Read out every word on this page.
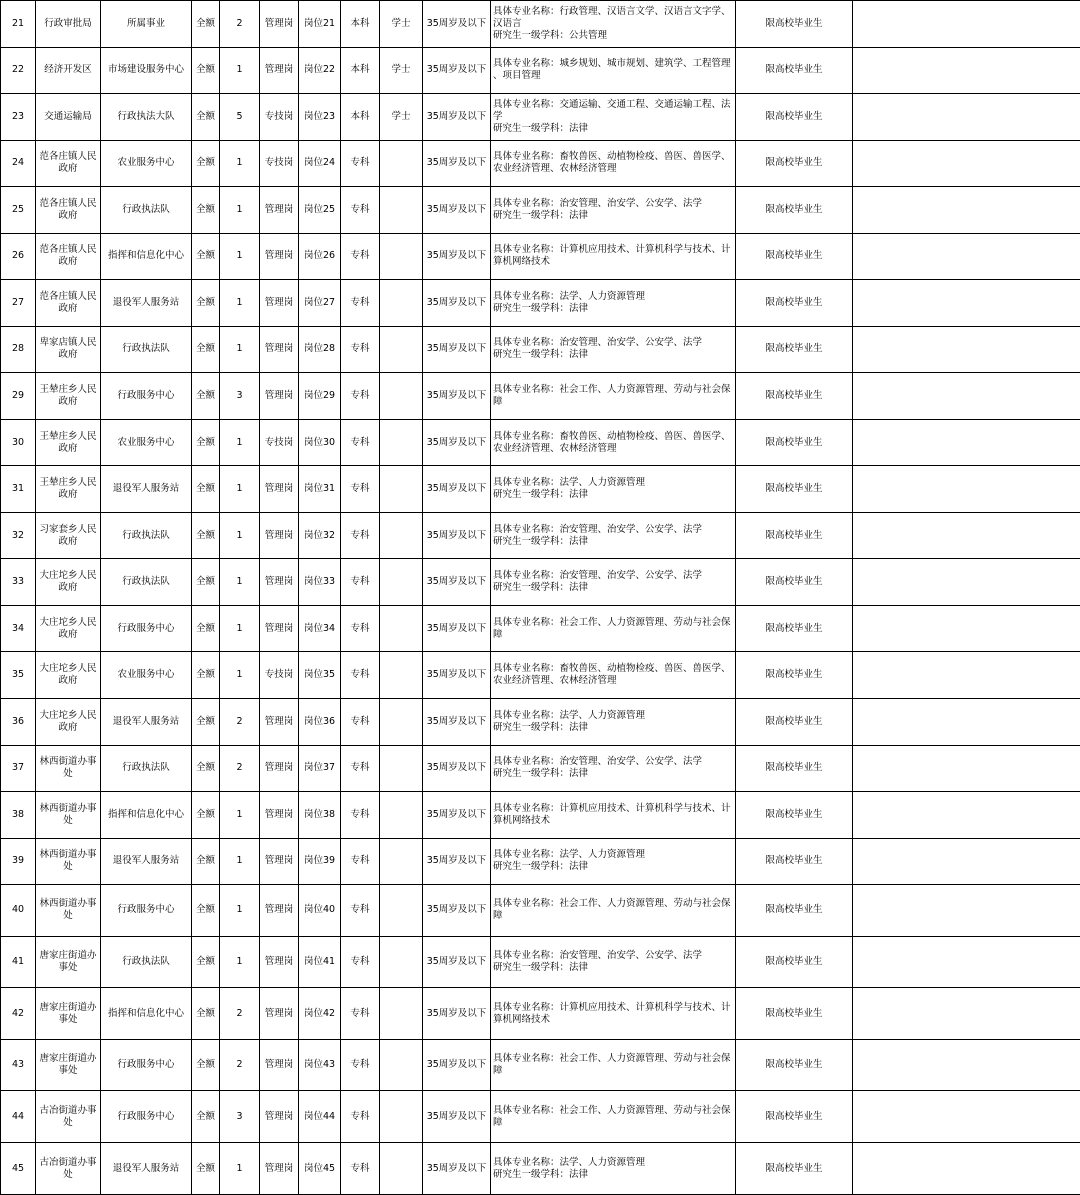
21	行政审批局	所属事业	全额	2	管理岗	岗位21	本科	学士	35周岁及以下	具体专业名称：行政管理、汉语言文学、汉语言文字学、
汉语言
研究生一级学科：公共管理	限高校毕业生	
22	经济开发区	市场建设服务中心	全额	1	管理岗	岗位22	本科	学士	35周岁及以下	具体专业名称：城乡规划、城市规划、建筑学、工程管理
、项目管理	限高校毕业生	
23	交通运输局	行政执法大队	全额	5	专技岗	岗位23	本科	学士	35周岁及以下	具体专业名称：交通运输、交通工程、交通运输工程、法
学
研究生一级学科：法律	限高校毕业生	
24	范各庄镇人民政府	农业服务中心	全额	1	专技岗	岗位24	专科		35周岁及以下	具体专业名称：畜牧兽医、动植物检疫、兽医、兽医学、
农业经济管理、农林经济管理	限高校毕业生	
25	范各庄镇人民政府	行政执法队	全额	1	管理岗	岗位25	专科		35周岁及以下	具体专业名称：治安管理、治安学、公安学、法学
研究生一级学科：法律	限高校毕业生	
26	范各庄镇人民政府	指挥和信息化中心	全额	1	管理岗	岗位26	专科		35周岁及以下	具体专业名称：计算机应用技术、计算机科学与技术、计
算机网络技术	限高校毕业生	
27	范各庄镇人民政府	退役军人服务站	全额	1	管理岗	岗位27	专科		35周岁及以下	具体专业名称：法学、人力资源管理
研究生一级学科：法律	限高校毕业生	
28	卑家店镇人民政府	行政执法队	全额	1	管理岗	岗位28	专科		35周岁及以下	具体专业名称：治安管理、治安学、公安学、法学
研究生一级学科：法律	限高校毕业生	
29	王辇庄乡人民政府	行政服务中心	全额	3	管理岗	岗位29	专科		35周岁及以下	具体专业名称：社会工作、人力资源管理、劳动与社会保
障	限高校毕业生	
30	王辇庄乡人民政府	农业服务中心	全额	1	专技岗	岗位30	专科		35周岁及以下	具体专业名称：畜牧兽医、动植物检疫、兽医、兽医学、
农业经济管理、农林经济管理	限高校毕业生	
31	王辇庄乡人民政府	退役军人服务站	全额	1	管理岗	岗位31	专科		35周岁及以下	具体专业名称：法学、人力资源管理
研究生一级学科：法律	限高校毕业生	
32	习家套乡人民政府	行政执法队	全额	1	管理岗	岗位32	专科		35周岁及以下	具体专业名称：治安管理、治安学、公安学、法学
研究生一级学科：法律	限高校毕业生	
33	大庄坨乡人民政府	行政执法队	全额	1	管理岗	岗位33	专科		35周岁及以下	具体专业名称：治安管理、治安学、公安学、法学
研究生一级学科：法律	限高校毕业生	
34	大庄坨乡人民政府	行政服务中心	全额	1	管理岗	岗位34	专科		35周岁及以下	具体专业名称：社会工作、人力资源管理、劳动与社会保
障	限高校毕业生	
35	大庄坨乡人民政府	农业服务中心	全额	1	专技岗	岗位35	专科		35周岁及以下	具体专业名称：畜牧兽医、动植物检疫、兽医、兽医学、
农业经济管理、农林经济管理	限高校毕业生	
36	大庄坨乡人民政府	退役军人服务站	全额	2	管理岗	岗位36	专科		35周岁及以下	具体专业名称：法学、人力资源管理
研究生一级学科：法律	限高校毕业生	
37	林西街道办事处	行政执法队	全额	2	管理岗	岗位37	专科		35周岁及以下	具体专业名称：治安管理、治安学、公安学、法学
研究生一级学科：法律	限高校毕业生	
38	林西街道办事处	指挥和信息化中心	全额	1	管理岗	岗位38	专科		35周岁及以下	具体专业名称：计算机应用技术、计算机科学与技术、计
算机网络技术	限高校毕业生	
39	林西街道办事处	退役军人服务站	全额	1	管理岗	岗位39	专科		35周岁及以下	具体专业名称：法学、人力资源管理
研究生一级学科：法律	限高校毕业生	
40	林西街道办事处	行政服务中心	全额	1	管理岗	岗位40	专科		35周岁及以下	具体专业名称：社会工作、人力资源管理、劳动与社会保
障	限高校毕业生	
41	唐家庄街道办事处	行政执法队	全额	1	管理岗	岗位41	专科		35周岁及以下	具体专业名称：治安管理、治安学、公安学、法学
研究生一级学科：法律	限高校毕业生	
42	唐家庄街道办事处	指挥和信息化中心	全额	2	管理岗	岗位42	专科		35周岁及以下	具体专业名称：计算机应用技术、计算机科学与技术、计
算机网络技术	限高校毕业生	
43	唐家庄街道办事处	行政服务中心	全额	2	管理岗	岗位43	专科		35周岁及以下	具体专业名称：社会工作、人力资源管理、劳动与社会保
障	限高校毕业生	
44	古冶街道办事处	行政服务中心	全额	3	管理岗	岗位44	专科		35周岁及以下	具体专业名称：社会工作、人力资源管理、劳动与社会保
障	限高校毕业生	
45	古冶街道办事处	退役军人服务站	全额	1	管理岗	岗位45	专科		35周岁及以下	具体专业名称：法学、人力资源管理
研究生一级学科：法律	限高校毕业生	
